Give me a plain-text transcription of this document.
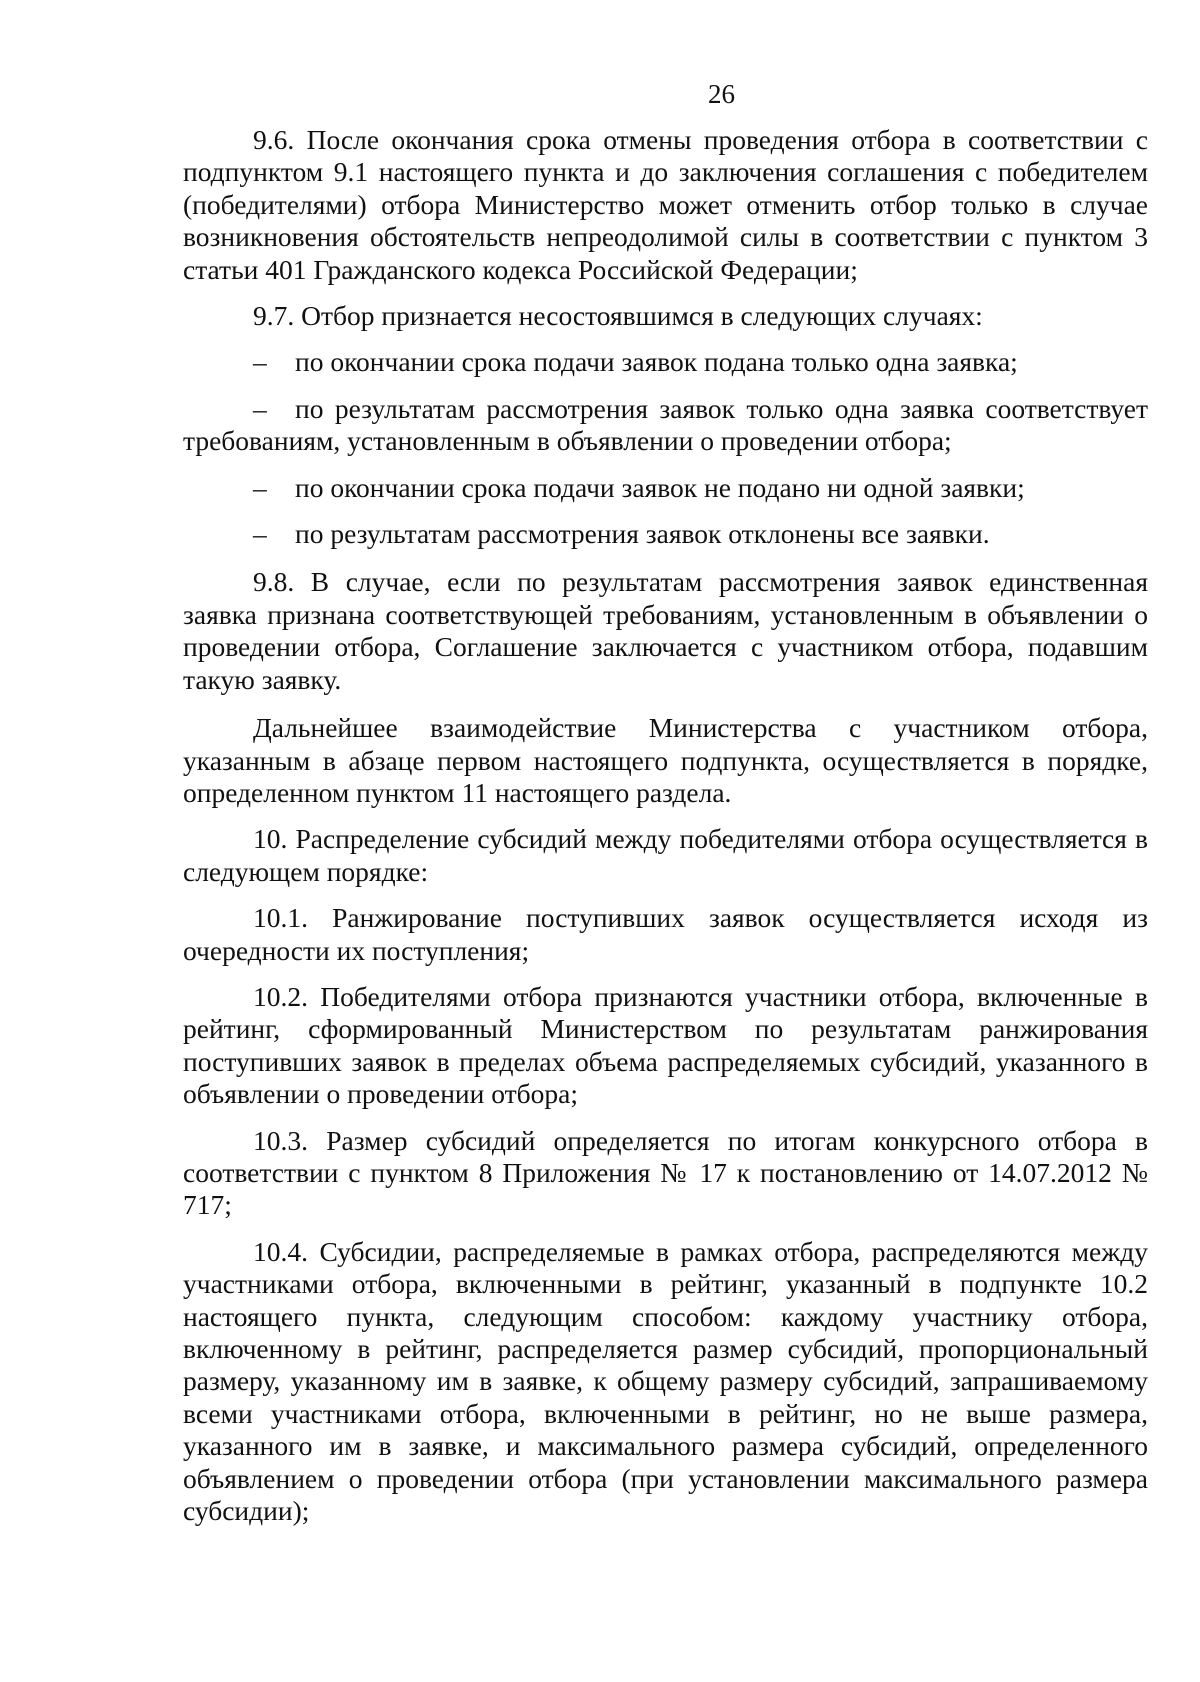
26

9.6. После окончания срока отмены проведения отбора в соответствии с подпунктом 9.1 настоящего пункта и до заключения соглашения с победителем (победителями) отбора Министерство может отменить отбор только в случае возникновения обстоятельств непреодолимой силы в соответствии с пунктом 3 статьи 401 Гражданского кодекса Российской Федерации;

9.7. Отбор признается несостоявшимся в следующих случаях:

– по окончании срока подачи заявок подана только одна заявка;

– по результатам рассмотрения заявок только одна заявка соответствует требованиям, установленным в объявлении о проведении отбора;

– по окончании срока подачи заявок не подано ни одной заявки;

– по результатам рассмотрения заявок отклонены все заявки.

9.8. В случае, если по результатам рассмотрения заявок единственная заявка признана соответствующей требованиям, установленным в объявлении о проведении отбора, Соглашение заключается с участником отбора, подавшим такую заявку.

Дальнейшее взаимодействие Министерства с участником отбора, указанным в абзаце первом настоящего подпункта, осуществляется в порядке, определенном пунктом 11 настоящего раздела.

10. Распределение субсидий между победителями отбора осуществляется в следующем порядке:

10.1. Ранжирование поступивших заявок осуществляется исходя из очередности их поступления;

10.2. Победителями отбора признаются участники отбора, включенные в рейтинг, сформированный Министерством по результатам ранжирования поступивших заявок в пределах объема распределяемых субсидий, указанного в объявлении о проведении отбора;

10.3. Размер субсидий определяется по итогам конкурсного отбора в соответствии с пунктом 8 Приложения № 17 к постановлению от 14.07.2012 № 717;

10.4. Субсидии, распределяемые в рамках отбора, распределяются между участниками отбора, включенными в рейтинг, указанный в подпункте 10.2 настоящего пункта, следующим способом: каждому участнику отбора, включенному в рейтинг, распределяется размер субсидий, пропорциональный размеру, указанному им в заявке, к общему размеру субсидий, запрашиваемому всеми участниками отбора, включенными в рейтинг, но не выше размера, указанного им в заявке, и максимального размера субсидий, определенного объявлением о проведении отбора (при установлении максимального размера субсидии);
